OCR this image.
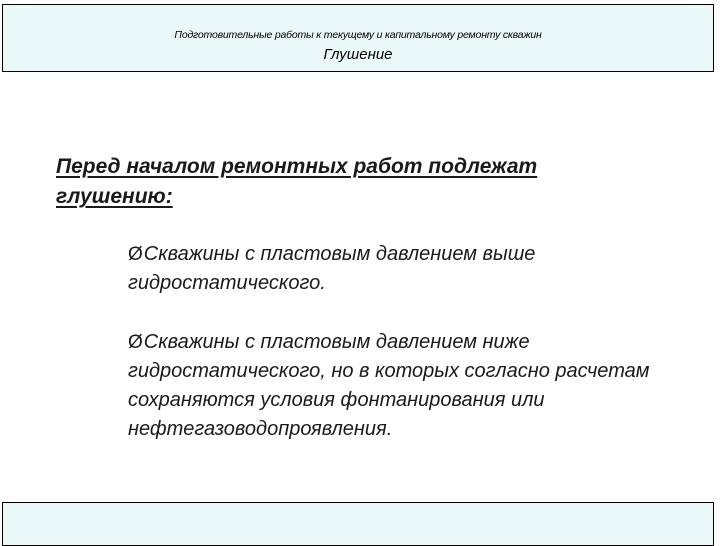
Подготовительные работы к текущему и капитальному ремонту скважин
Глушение
Перед началом ремонтных работ подлежат глушению:
ØСкважины с пластовым давлением выше гидростатического.
ØСкважины с пластовым давлением ниже гидростатического, но в которых согласно расчетам сохраняются условия фонтанирования или нефтегазоводопроявления.
